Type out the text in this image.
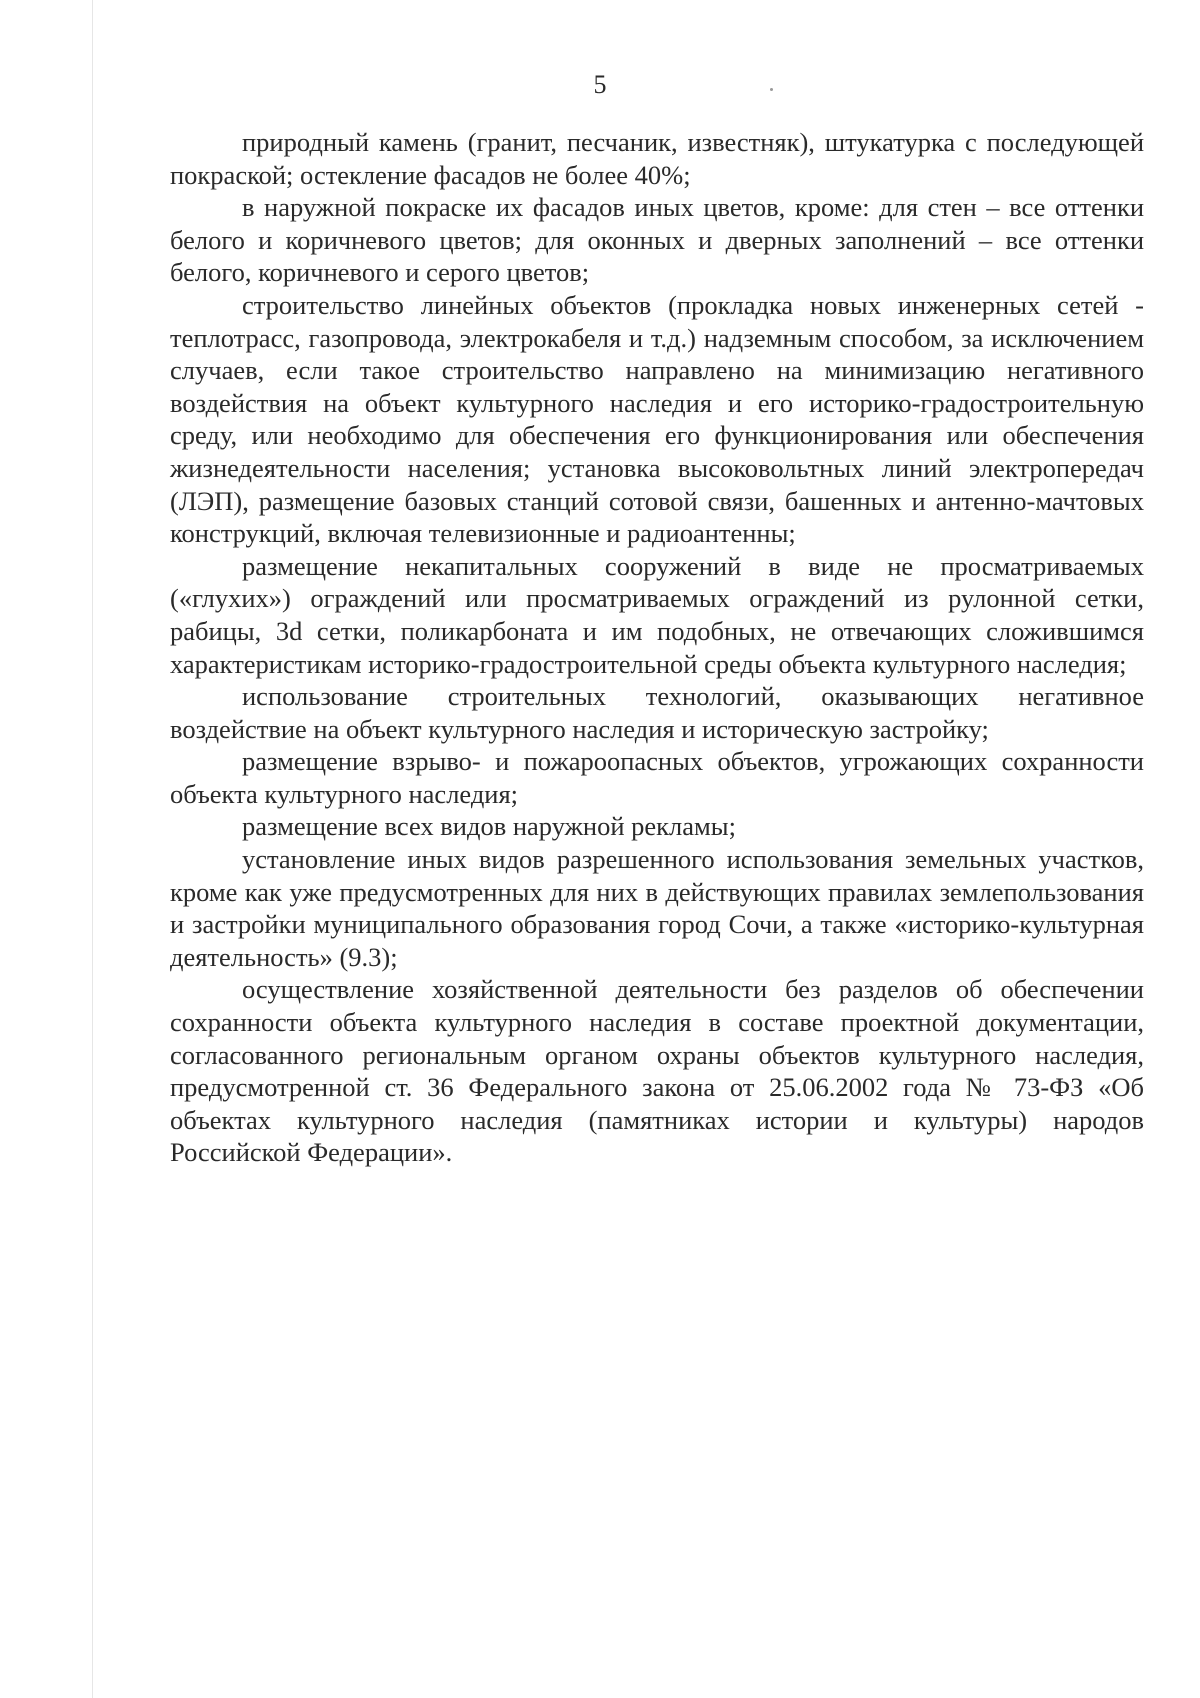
5

природный камень (гранит, песчаник, известняк), штукатурка с последующей покраской; остекление фасадов не более 40%;

в наружной покраске их фасадов иных цветов, кроме: для стен – все оттенки белого и коричневого цветов; для оконных и дверных заполнений – все оттенки белого, коричневого и серого цветов;

строительство линейных объектов (прокладка новых инженерных сетей - теплотрасс, газопровода, электрокабеля и т.д.) надземным способом, за исключением случаев, если такое строительство направлено на минимизацию негативного воздействия на объект культурного наследия и его историко-градостроительную среду, или необходимо для обеспечения его функционирования или обеспечения жизнедеятельности населения; установка высоковольтных линий электропередач (ЛЭП), размещение базовых станций сотовой связи, башенных и антенно-мачтовых конструкций, включая телевизионные и радиоантенны;

размещение некапитальных сооружений в виде не просматриваемых («глухих») ограждений или просматриваемых ограждений из рулонной сетки, рабицы, 3d сетки, поликарбоната и им подобных, не отвечающих сложившимся характеристикам историко-градостроительной среды объекта культурного наследия;

использование строительных технологий, оказывающих негативное воздействие на объект культурного наследия и историческую застройку;

размещение взрыво- и пожароопасных объектов, угрожающих сохранности объекта культурного наследия;

размещение всех видов наружной рекламы;

установление иных видов разрешенного использования земельных участков, кроме как уже предусмотренных для них в действующих правилах землепользования и застройки муниципального образования город Сочи, а также «историко-культурная деятельность» (9.3);

осуществление хозяйственной деятельности без разделов об обеспечении сохранности объекта культурного наследия в составе проектной документации, согласованного региональным органом охраны объектов культурного наследия, предусмотренной ст. 36 Федерального закона от 25.06.2002 года № 73-ФЗ «Об объектах культурного наследия (памятниках истории и культуры) народов Российской Федерации».
